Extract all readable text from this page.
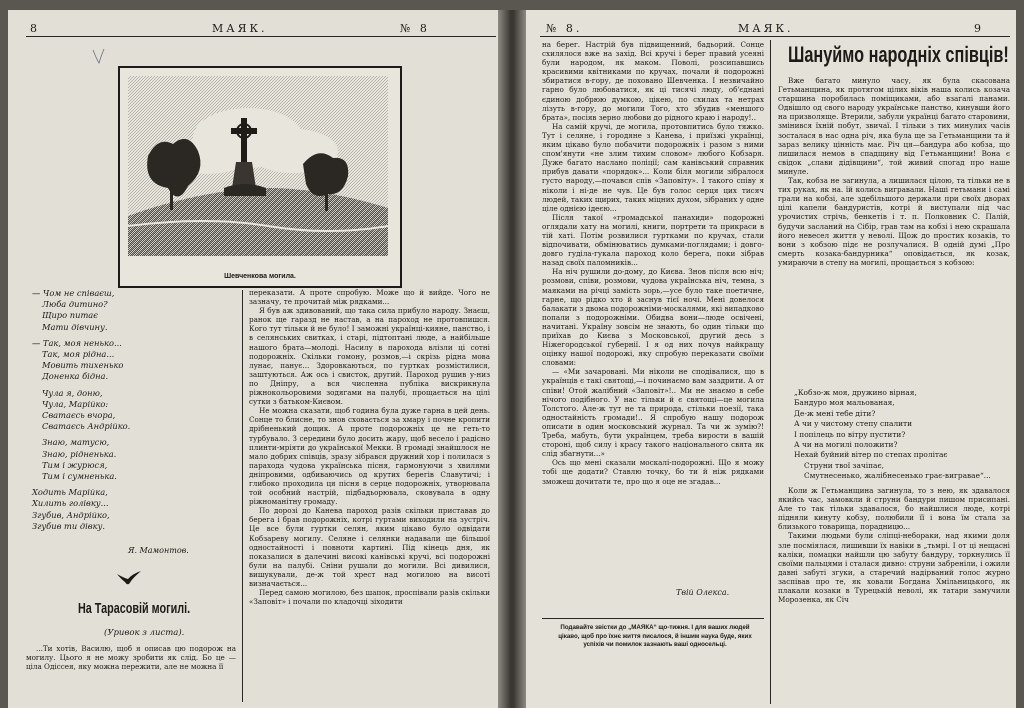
8	МАЯК.	№ 8
Шевченкова могила.
— Чом не співаєш,
Люба дитино?
Щиро питає
Мати дівчину.
— Так, моя ненько...
Так, моя рідна...
Мовить тихенько
Доненка бідна.
Чула я, доню,
Чула, Марійко:
Сватаєсь вчора,
Сватаєсь Андрійко.
Знаю, матусю,
Знаю, рідненька.
Тим і журюся,
Тим і сумненька.
Ходить Марійка,
Хилить голівку...
Згубив, Андрійко,
Згубив ти дівку.
Я. Мамонтов.
На Тарасовій могилі.
(Уривок з листа).

...Ти хотів, Василю, щоб я описав цю подорож на могилу. Цього я не можу зробити як слід. Бо це — ціла Одіссея, яку можна пережити, але не можна її

переказати. А проте спробую. Може що й вийде. Чого не зазначу, те прочитай між рядками...

Я був аж здивований, що така сила прибуло народу. Знаєш, ранок ще гаразд не настав, а на пароход не протовпишся. Кого тут тільки й не було! І заможні українці-кияне, панство, і в селянських свитках, і старі, підтоптані люде, а найбільше нашого брата—молоді. Насилу в парохода влізли ці сотні подорожніх. Скільки гомону, розмов,—і скрізь рідна мова лунає, панує... Здоровкаються, по гуртках розмістилися, заштуються. Аж ось і свисток, другий. Пароход рушив у-низ по Дніпру, а вся численна публіка вискрикнула ріжнокольоровими зодягами на палубі, прощається на цілі сутки з батьком-Києвом.

Не можна сказати, щоб година була дуже гарна в цей день. Сонце то блисне, то знов сховається за хмару і почне кропити дрібненький дощик. А проте подорожніх це не геть-то турбувало. З середини було досить жару, щоб весело і радісно плинти-мріяти до української Мекки. В громаді знайшлося не мало добрих співців, зразу зібрався дружний хор і полилася з парахода чудова українська пісня, гармонуючи з хвилями дніпровими, одбиваючись од крутих берегів Славутичі; і глибоко проходила ця пісня в серце подорожніх, утворювала той особний настрій, підбадьорювала, сковувала в одну ріжноманітну громаду.

По дорозі до Канева пароход разів скільки приставав до берега і брав подорожніх, котрі гуртами виходили на зустріч. Це все були гуртки селян, яким цікаво було одвідати Кобзареву могилу. Селяне і селянки надавали ще більшої одностайності і повноти картині. Під кінець дня, як показалися в далечині високі канівські кручі, всі подорожні були на палубі. Сніни рушали до могили. Всі дивилися, вишукували, де-ж той хрест над могилою на висоті визначається...

Перед самою могилою, без шапок, проспівали разів скільки «Заповіт» і почали по кладочці зіходити

№ 8.	МАЯК.	9

на берег. Настрій був підвищенний, бадьорий. Сонце схилялося вже на захід. Всі кручі і берег правий усеяні були народом, як маком. Поволі, розсипавшись красивими квітниками по кручах, почали й подорожні збиратися в-гору, де поховано Шевченка. І незвичайно гарно було любоватися, як ці тисячі люду, об'єднані єдиною добрюю думкою, цікею, по схилах та нетрах лізуть в-гору, до могили Того, хто збудив «меншого брата», посіяв зерно любови до рідного краю і народу!..

На самій кручі, де могила, протовпитись було тяжко. Тут і селяне, і городяне з Канева, і приїзжі українці, яким цікаво було побачити подорожніх і разом з ними спом'янути «не злим тихим словом» любого Кобзаря. Дуже багато наслано поліції; сам канівський справник прибув давати «порядок»... Коли біля могили зібралося густо народу,—почався спів «Заповіту». І такого співу я ніколи і ні-де не чув. Це був голос серця цих тисяч людей, таких щирих, таких міцних духом, зібраних у одне ціле однією ідеєю...

Після такої «громадської панахиди» подорожні оглядали хату на могилі, книги, портрети та прикраси в тій хаті. Потім розвилися гуртками по кручах, стали відпочивати, обмінюватись думками-поглядами; і довго-довго гуділа-гукала пароход коло берега, поки зібрав назад своїх паломників...

На ніч рушили до-дому, до Києва. Знов після всю ніч; розмови, співи, розмови, чудова українська ніч, темна, з маяками на річці замість зорь,—усе було таке поетичне, гарне, що рідко хто й заснув тієї ночі. Мені довелося балакати з двома подорожніми-москалями, які випадково попали з подорожніми. Обидва вони—люде освічені, начитані. Україну зовсім не знають, бо один тільки що приїхав до Києва з Московської, другий десь з Ніжегородської губернії. І я од них почув найкращу оцінку нашої подорожі, яку спробую переказати своїми словами:

— «Ми зачаровані. Ми ніколи не сподівалися, що в українців є такі святощі,—і починаємо вам заздрити. А от співи! Отой жалібний «Заповіт»!.. Ми не знаємо в себе нічого подібного. У нас тільки й є святощі—це могила Толстого. Але-ж тут не та природа, стільки поезії, така одностайність громади!.. Я спробую нашу подорож описати в один московський журнал. Та чи ж зумію?! Треба, мабуть, бути українцем, треба вирости в вашій стороні, щоб силу і красу такого національного свята як слід збагнути...»

Ось що мені сказали москалі-подорожні. Що я можу тобі ще додати? Ставлю точку, бо ти й ніж рядками зможеш дочитати те, про що я оце не згадав...

Твій Олекса.
Подавайте звістки до „МАЯКА“ що-тижня. І для ваших людей цікаво, щоб про їхнє життя писалося, й іншим наука буде, яких успіхів чи помилок зазнають ваші односельці.
Шануймо народніх співців!

Вже багато минуло часу, як була скасована Гетьманщина, як протягом цілих віків наша колись козача старшина поробилась поміщиками, або взагалі панами. Одвішло од свого народу українське панство, кинувши його на призволяще. Втерили, забули українці багато старовини, змінився їхній побут, звичаї. І тільки з тих минулих часів зосталася в нас одна річ, яка була ще за Гетьманщини та й зараз велику цінність має. Річ ця—бандура або кобза, що лишилася немов в спадщину від Гетьманщини! Вона є свідок „слави дідівщини“, той живий спогад про наше минуле.

Так, кобза не загинула, а лишилася цілою, та тільки не в тих руках, як на. їй колись вигравали. Наші гетьмани і самі грали на кобзі, але здебільшого держали при своїх дворах цілі капели бандуристів, котрі й виступали під час урочистих стрічь, бенкетів і т. п. Полковник С. Палій, будучи засланий на Сібір, грав там на кобзі і нею скрашала його невесел життя у неволі. Щож до простих козаків, то вони з кобзою підє не розлучалися. В одній думі „Про смерть козака-бандурника“ оповідається, як козак, умираючи в степу на могилі, прощається з кобзою:

„Кобзо-ж моя, дружино вірная,
Бандуро моя мальованая,
Де-ж мені тебе діти?
А чи у чистому степу спалити
І попілець по вітру пустити?
А чи на могилі положити?
Нехай буйний вітер по степах пролітає
Струни твої зачіпає,
Смутнесенько, жалібнесенько грає-вигравае“...

Коли ж Гетьманщина загинула, то з нею, як здавалося якийсь час, замовкли й струни бандури пишом присипані. Але то так тільки здавалося, бо найшлися люде, котрі підняли кинуту кобзу, полюбили її і вона їм стала за близького товарища, порадницю...

Такими людьми були сліпці-небораки, над якими доля зле посміялася, лишивши їх навіки в „тьмрі. І от ці нещасні каліки, помацки найшли цю забуту бандуру, торкнулись її своїми пальцями і сталася дивно: струни забреніли, і ожили давні забуті згуки, а старечий надірваний голос журно заспівав про те, як ховали Богдана Хмільницького, як плакали козаки в Турецькій неволі, як татари замучили Морозенка, як Січ
